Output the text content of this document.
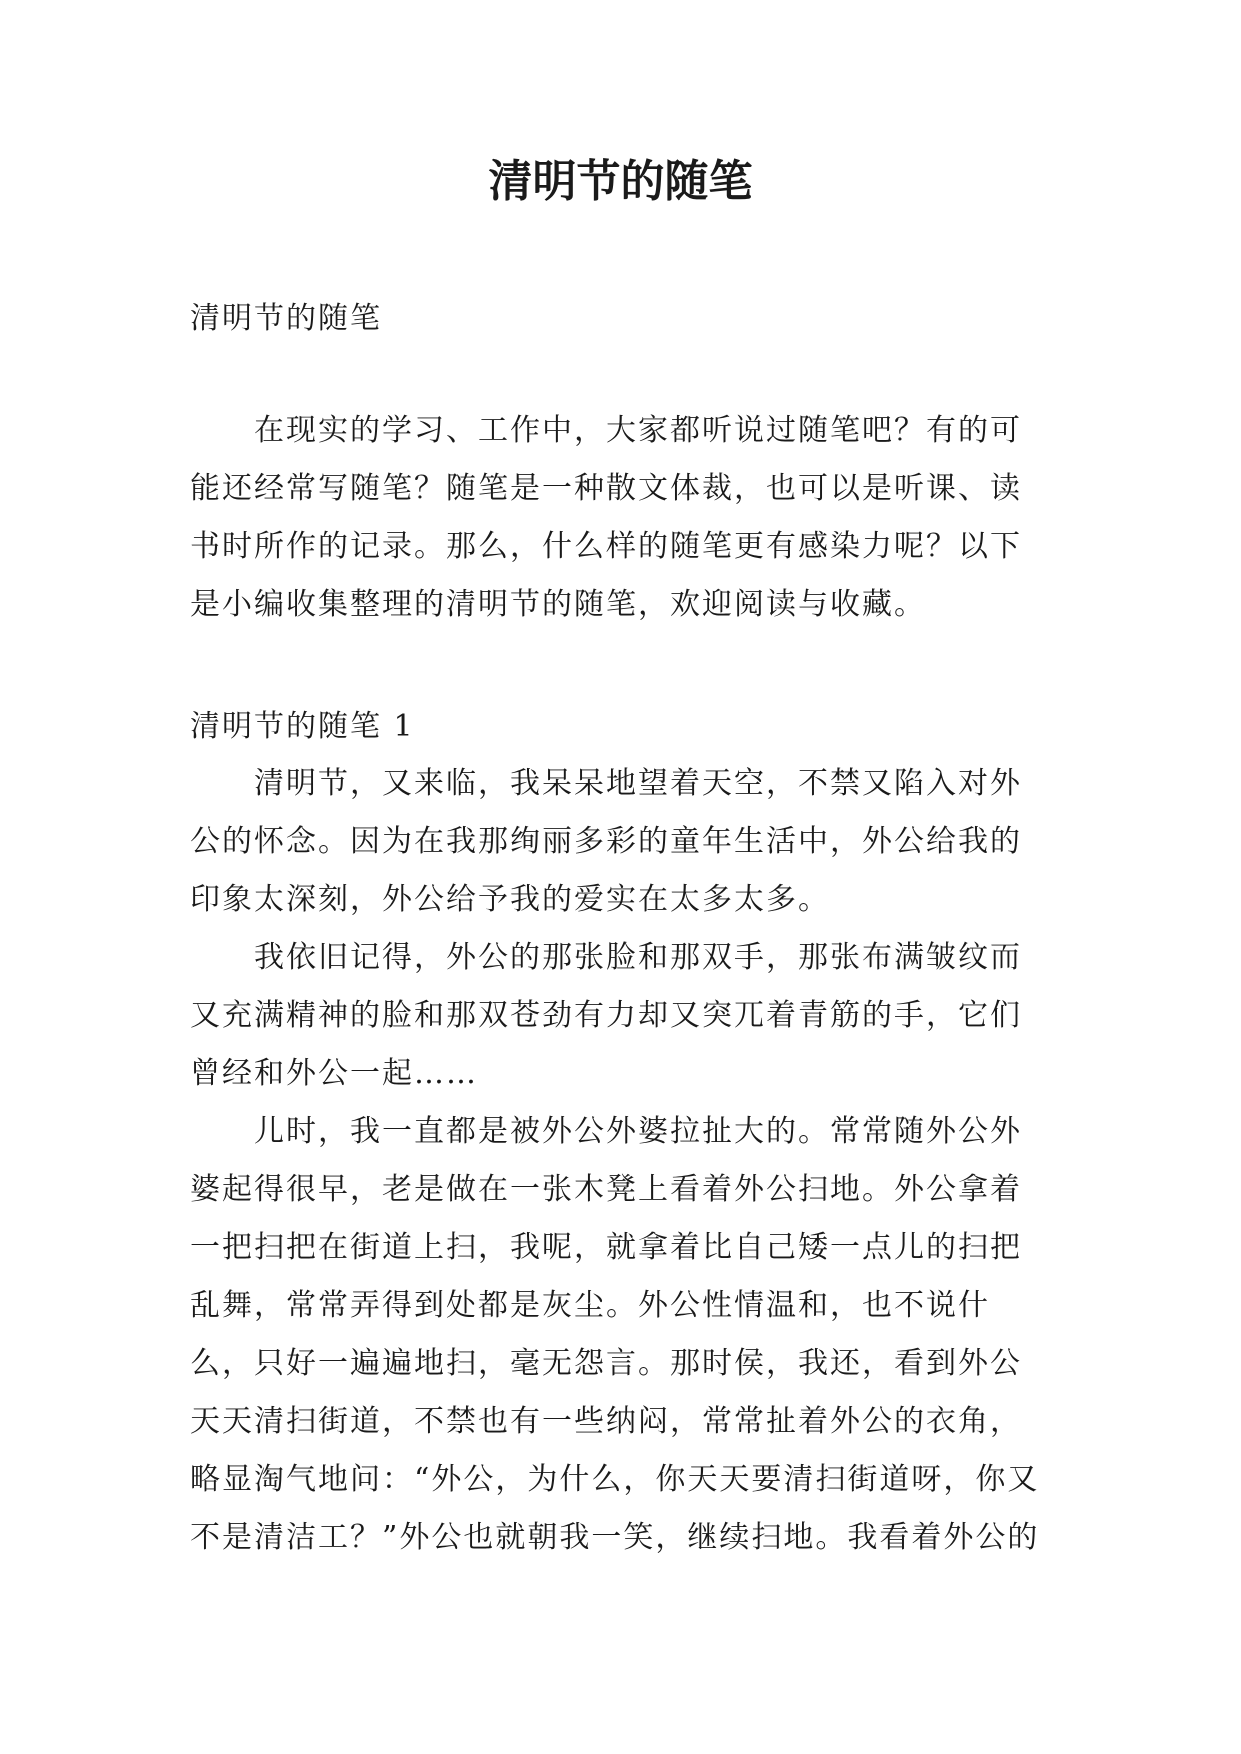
清明节的随笔

清明节的随笔

在现实的学习、工作中，大家都听说过随笔吧？有的可能还经常写随笔？随笔是一种散文体裁，也可以是听课、读书时所作的记录。那么，什么样的随笔更有感染力呢？以下是小编收集整理的清明节的随笔，欢迎阅读与收藏。

清明节的随笔 1

清明节，又来临，我呆呆地望着天空，不禁又陷入对外公的怀念。因为在我那绚丽多彩的童年生活中，外公给我的印象太深刻，外公给予我的爱实在太多太多。

我依旧记得，外公的那张脸和那双手，那张布满皱纹而又充满精神的脸和那双苍劲有力却又突兀着青筋的手，它们曾经和外公一起……

儿时，我一直都是被外公外婆拉扯大的。常常随外公外婆起得很早，老是做在一张木凳上看着外公扫地。外公拿着一把扫把在街道上扫，我呢，就拿着比自己矮一点儿的扫把乱舞，常常弄得到处都是灰尘。外公性情温和，也不说什么，只好一遍遍地扫，毫无怨言。那时侯，我还，看到外公天天清扫街道，不禁也有一些纳闷，常常扯着外公的衣角，略显淘气地问：“外公，为什么，你天天要清扫街道呀，你又不是清洁工？”外公也就朝我一笑，继续扫地。我看着外公的
